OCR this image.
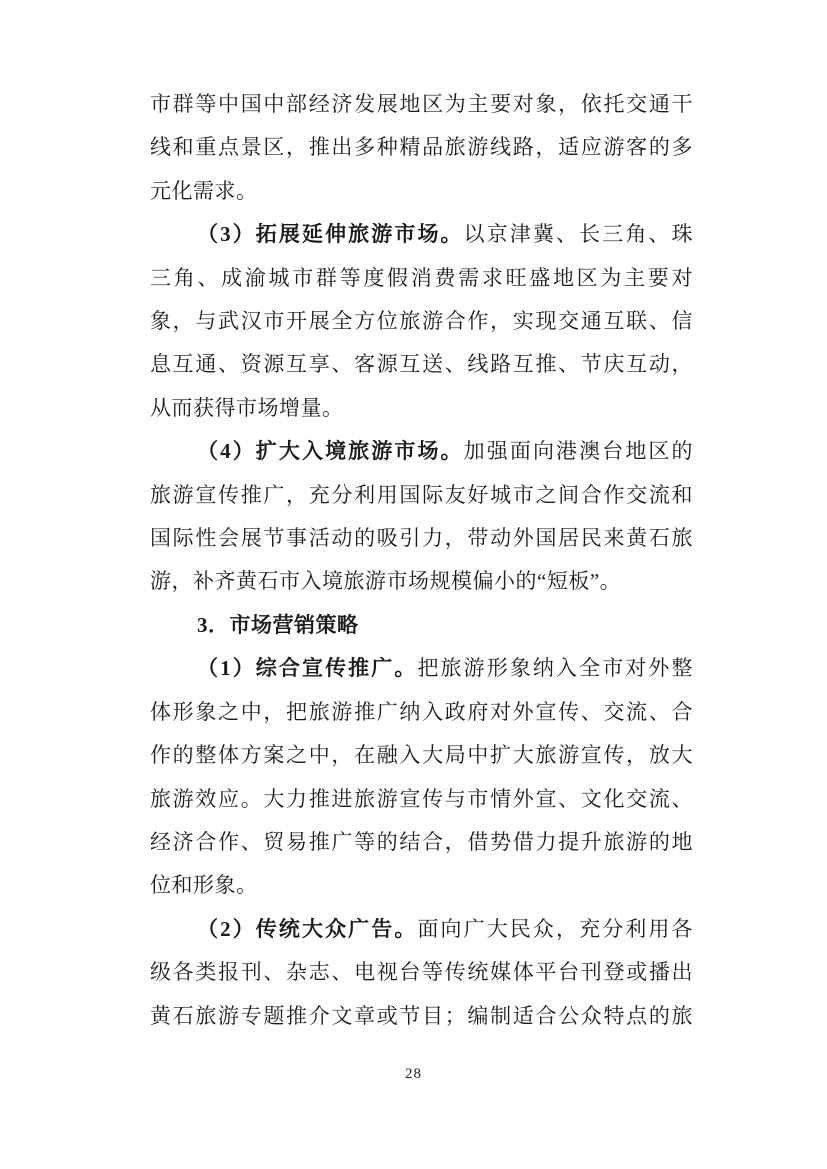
市群等中国中部经济发展地区为主要对象，依托交通干
线和重点景区，推出多种精品旅游线路，适应游客的多
元化需求。
（3）拓展延伸旅游市场。以京津冀、长三角、珠
三角、成渝城市群等度假消费需求旺盛地区为主要对
象，与武汉市开展全方位旅游合作，实现交通互联、信
息互通、资源互享、客源互送、线路互推、节庆互动，
从而获得市场增量。
（4）扩大入境旅游市场。加强面向港澳台地区的
旅游宣传推广，充分利用国际友好城市之间合作交流和
国际性会展节事活动的吸引力，带动外国居民来黄石旅
游，补齐黄石市入境旅游市场规模偏小的“短板”。
3．市场营销策略
（1）综合宣传推广。把旅游形象纳入全市对外整
体形象之中，把旅游推广纳入政府对外宣传、交流、合
作的整体方案之中，在融入大局中扩大旅游宣传，放大
旅游效应。大力推进旅游宣传与市情外宣、文化交流、
经济合作、贸易推广等的结合，借势借力提升旅游的地
位和形象。
（2）传统大众广告。面向广大民众，充分利用各
级各类报刊、杂志、电视台等传统媒体平台刊登或播出
黄石旅游专题推介文章或节目；编制适合公众特点的旅
28
